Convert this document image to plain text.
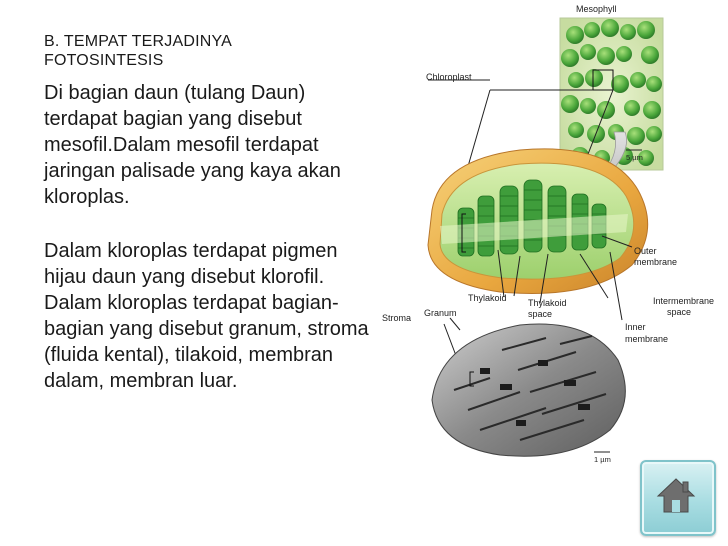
B. TEMPAT TERJADINYA
FOTOSINTESIS

Di bagian daun (tulang Daun) terdapat bagian yang disebut mesofil.Dalam mesofil terdapat jaringan palisade yang kaya akan kloroplas.

Dalam kloroplas terdapat pigmen hijau daun yang disebut klorofil. Dalam kloroplas terdapat bagian-bagian yang disebut granum, stroma (fluida kental), tilakoid, membran dalam, membran luar.

Mesophyll
Chloroplast
5 µm
Outer
membrane
Thylakoid Thylakoid
space
Intermembrane
space
Stroma Granum
Inner
membrane
1 µm
